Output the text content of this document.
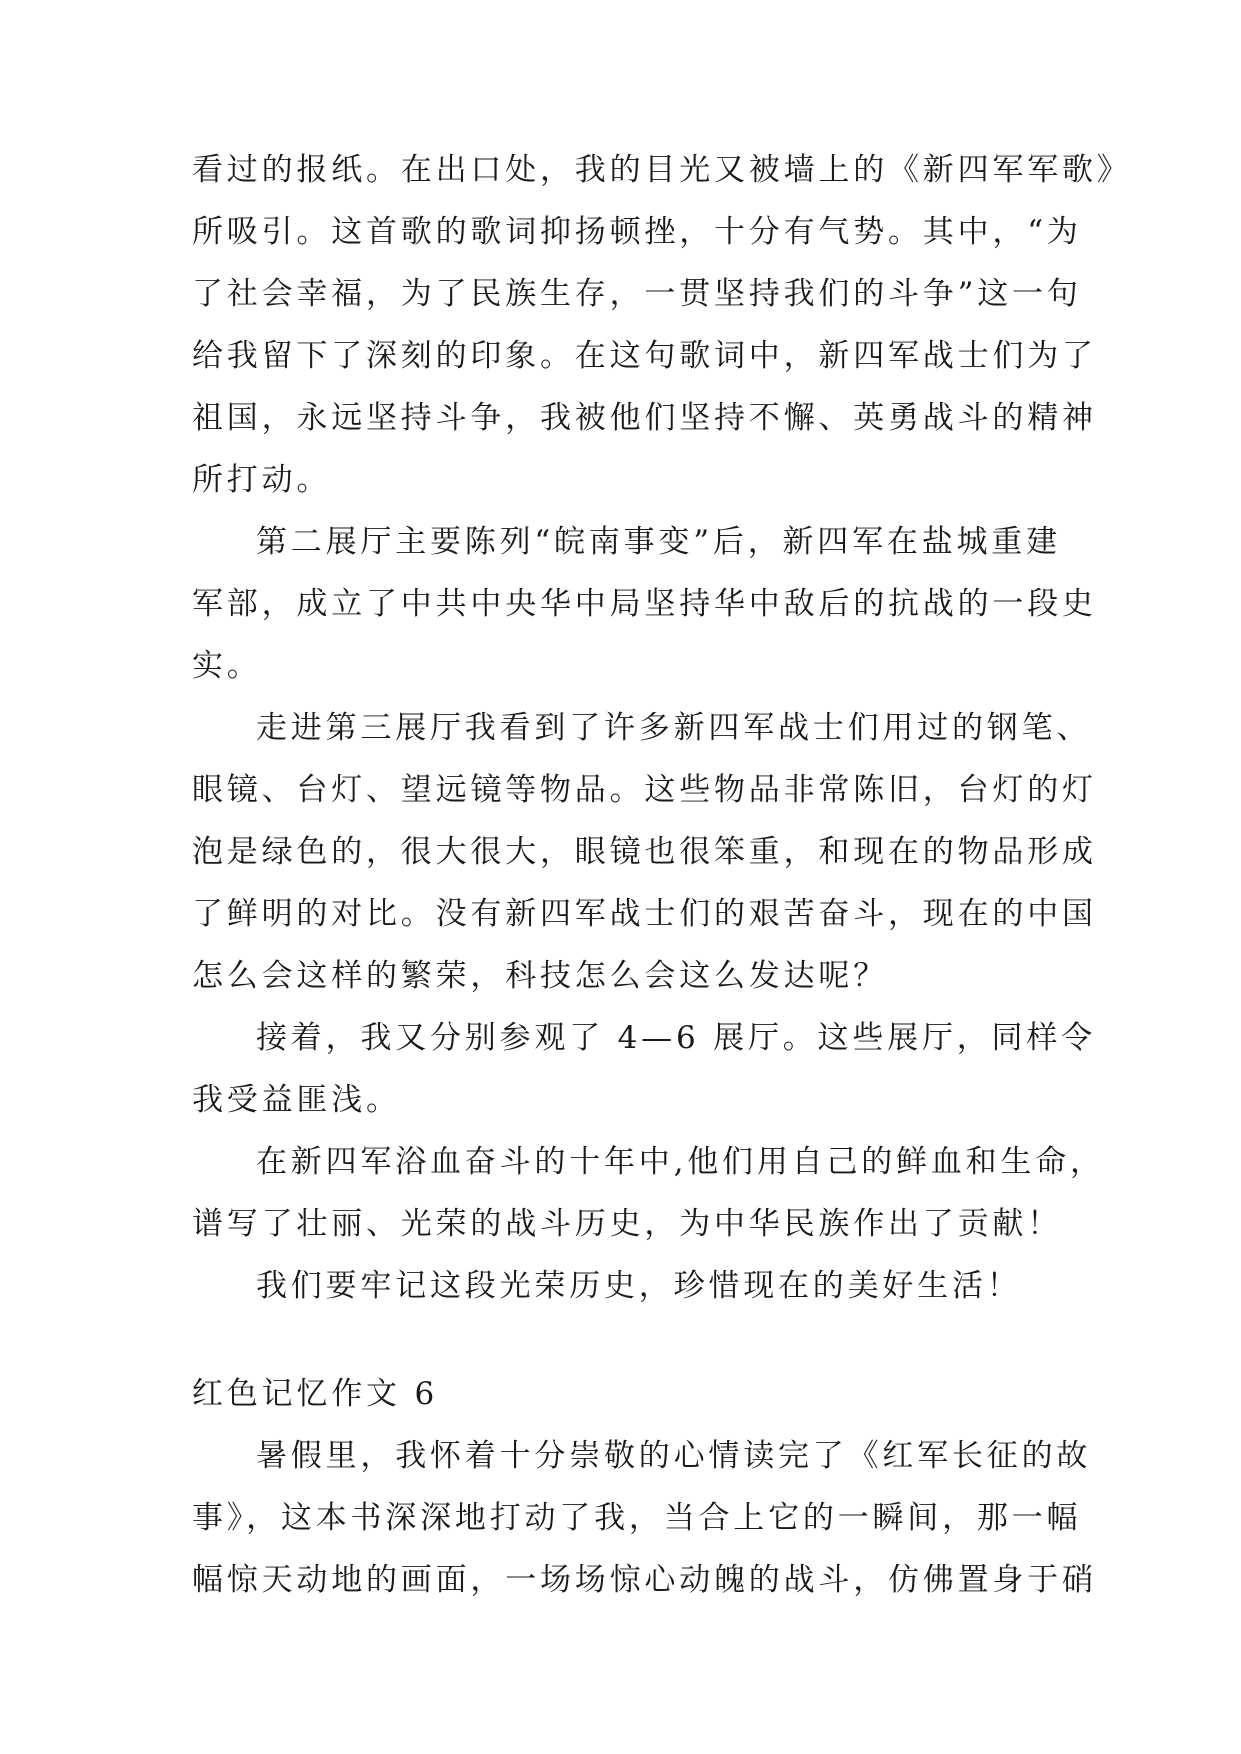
看过的报纸。在出口处，我的目光又被墙上的《新四军军歌》
所吸引。这首歌的歌词抑扬顿挫，十分有气势。其中，“为
了社会幸福，为了民族生存，一贯坚持我们的斗争”这一句
给我留下了深刻的印象。在这句歌词中，新四军战士们为了
祖国，永远坚持斗争，我被他们坚持不懈、英勇战斗的精神
所打动。
第二展厅主要陈列“皖南事变”后，新四军在盐城重建
军部，成立了中共中央华中局坚持华中敌后的抗战的一段史
实。
走进第三展厅我看到了许多新四军战士们用过的钢笔、
眼镜、台灯、望远镜等物品。这些物品非常陈旧，台灯的灯
泡是绿色的，很大很大，眼镜也很笨重，和现在的物品形成
了鲜明的对比。没有新四军战士们的艰苦奋斗，现在的中国
怎么会这样的繁荣，科技怎么会这么发达呢？
接着，我又分别参观了 4—6 展厅。这些展厅，同样令
我受益匪浅。
在新四军浴血奋斗的十年中,他们用自己的鲜血和生命，
谱写了壮丽、光荣的战斗历史，为中华民族作出了贡献！
我们要牢记这段光荣历史，珍惜现在的美好生活！
红色记忆作文 6
暑假里，我怀着十分崇敬的心情读完了《红军长征的故
事》，这本书深深地打动了我，当合上它的一瞬间，那一幅
幅惊天动地的画面，一场场惊心动魄的战斗，仿佛置身于硝
